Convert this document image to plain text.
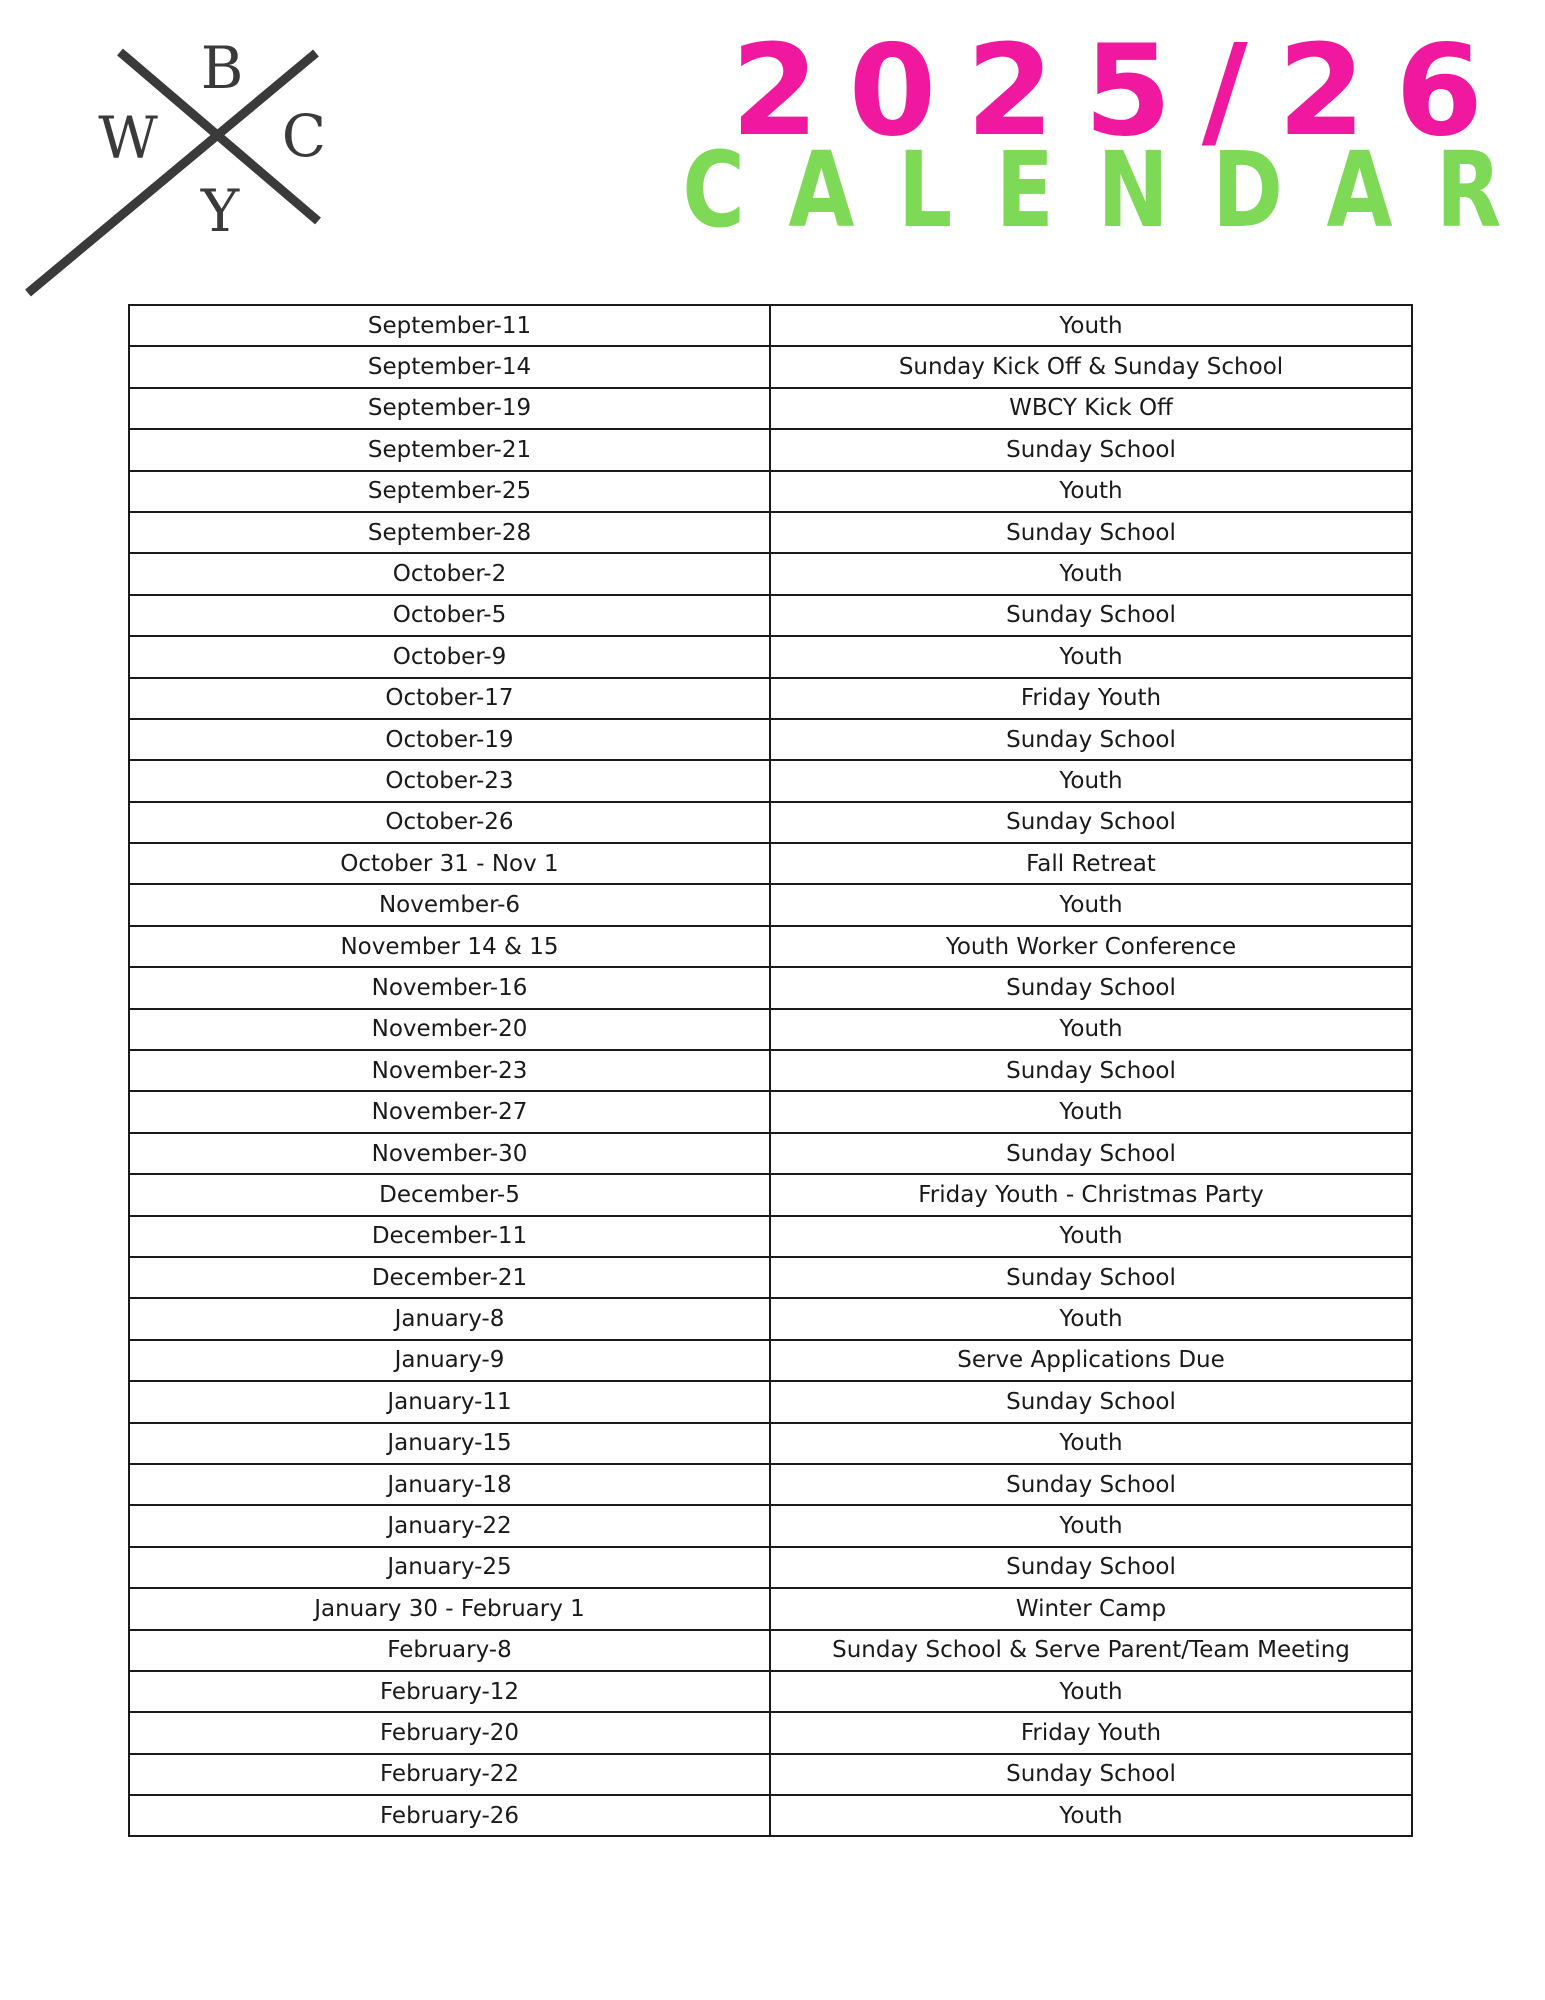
B
W C
Y
2025/26
CALENDAR
September-11	Youth
September-14	Sunday Kick Off & Sunday School
September-19	WBCY Kick Off
September-21	Sunday School
September-25	Youth
September-28	Sunday School
October-2	Youth
October-5	Sunday School
October-9	Youth
October-17	Friday Youth
October-19	Sunday School
October-23	Youth
October-26	Sunday School
October 31 - Nov 1	Fall Retreat
November-6	Youth
November 14 & 15	Youth Worker Conference
November-16	Sunday School
November-20	Youth
November-23	Sunday School
November-27	Youth
November-30	Sunday School
December-5	Friday Youth - Christmas Party
December-11	Youth
December-21	Sunday School
January-8	Youth
January-9	Serve Applications Due
January-11	Sunday School
January-15	Youth
January-18	Sunday School
January-22	Youth
January-25	Sunday School
January 30 - February 1	Winter Camp
February-8	Sunday School & Serve Parent/Team Meeting
February-12	Youth
February-20	Friday Youth
February-22	Sunday School
February-26	Youth
